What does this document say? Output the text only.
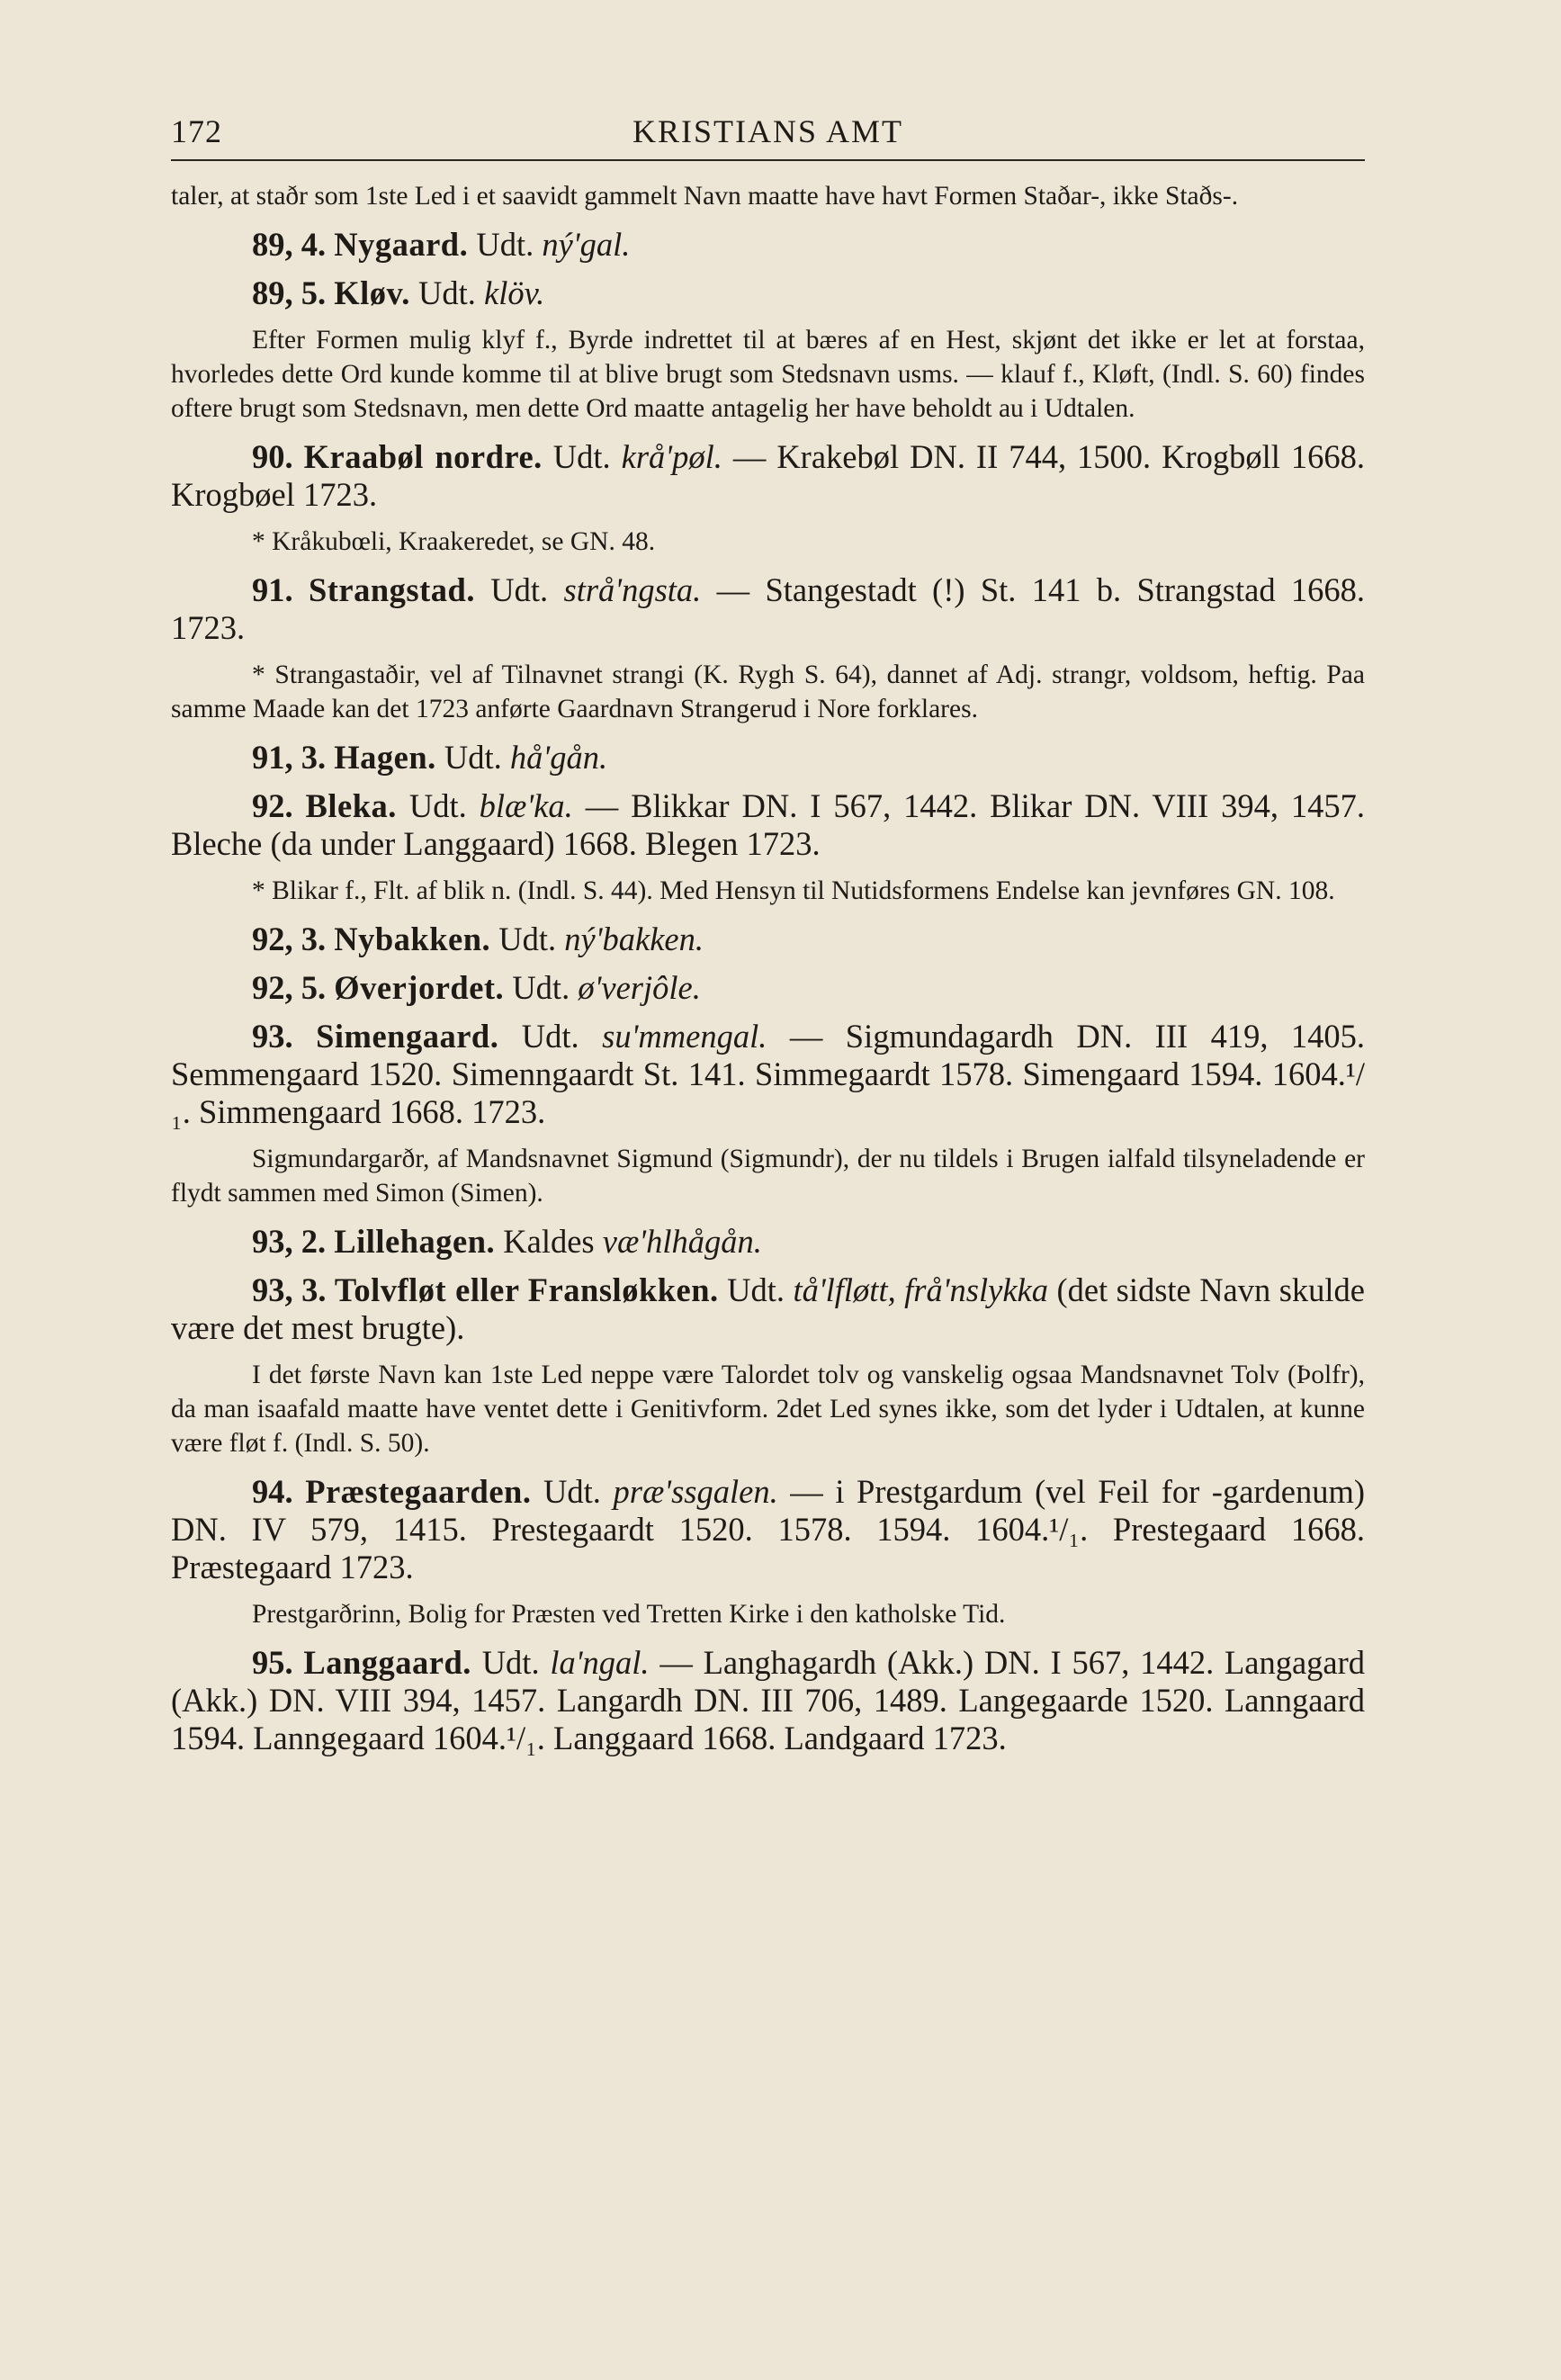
172	KRISTIANS AMT

taler, at staðr som 1ste Led i et saavidt gammelt Navn maatte have havt Formen Staðar-, ikke Staðs-.

89, 4. Nygaard. Udt. ný'gal.

89, 5. Kløv. Udt. klöv.

Efter Formen mulig klyf f., Byrde indrettet til at bæres af en Hest, skjønt det ikke er let at forstaa, hvorledes dette Ord kunde komme til at blive brugt som Stedsnavn usms. — klauf f., Kløft, (Indl. S. 60) findes oftere brugt som Stedsnavn, men dette Ord maatte antagelig her have beholdt au i Udtalen.

90. Kraabøl nordre. Udt. krå'pøl. — Krakebøl DN. II 744, 1500. Krogbøll 1668. Krogbøel 1723.

* Kråkubœli, Kraakeredet, se GN. 48.

91. Strangstad. Udt. strå'ngsta. — Stangestadt (!) St. 141 b. Strangstad 1668. 1723.

* Strangastaðir, vel af Tilnavnet strangi (K. Rygh S. 64), dannet af Adj. strangr, voldsom, heftig. Paa samme Maade kan det 1723 anførte Gaardnavn Strangerud i Nore forklares.

91, 3. Hagen. Udt. hå'gån.

92. Bleka. Udt. blæ'ka. — Blikkar DN. I 567, 1442. Blikar DN. VIII 394, 1457. Bleche (da under Langgaard) 1668. Blegen 1723.

* Blikar f., Flt. af blik n. (Indl. S. 44). Med Hensyn til Nutidsformens Endelse kan jevnføres GN. 108.

92, 3. Nybakken. Udt. ný'bakken.

92, 5. Øverjordet. Udt. ø'verjôle.

93. Simengaard. Udt. su'mmengal. — Sigmundagardh DN. III 419, 1405. Semmengaard 1520. Simenngaardt St. 141. Simmegaardt 1578. Simengaard 1594. 1604.¹/₁. Simmengaard 1668. 1723.

Sigmundargarðr, af Mandsnavnet Sigmund (Sigmundr), der nu tildels i Brugen ialfald tilsyneladende er flydt sammen med Simon (Simen).

93, 2. Lillehagen. Kaldes væ'hlhågån.

93, 3. Tolvfløt eller Fransløkken. Udt. tå'lfløtt, frå'nslykka (det sidste Navn skulde være det mest brugte).

I det første Navn kan 1ste Led neppe være Talordet tolv og vanskelig ogsaa Mandsnavnet Tolv (Þolfr), da man isaafald maatte have ventet dette i Genitivform. 2det Led synes ikke, som det lyder i Udtalen, at kunne være fløt f. (Indl. S. 50).

94. Præstegaarden. Udt. præ'ssgalen. — i Prestgardum (vel Feil for -gardenum) DN. IV 579, 1415. Prestegaardt 1520. 1578. 1594. 1604.¹/₁. Prestegaard 1668. Præstegaard 1723.

Prestgarðrinn, Bolig for Præsten ved Tretten Kirke i den katholske Tid.

95. Langgaard. Udt. la'ngal. — Langhagardh (Akk.) DN. I 567, 1442. Langagard (Akk.) DN. VIII 394, 1457. Langardh DN. III 706, 1489. Langegaarde 1520. Lanngaard 1594. Lanngegaard 1604.¹/₁. Langgaard 1668. Landgaard 1723.
